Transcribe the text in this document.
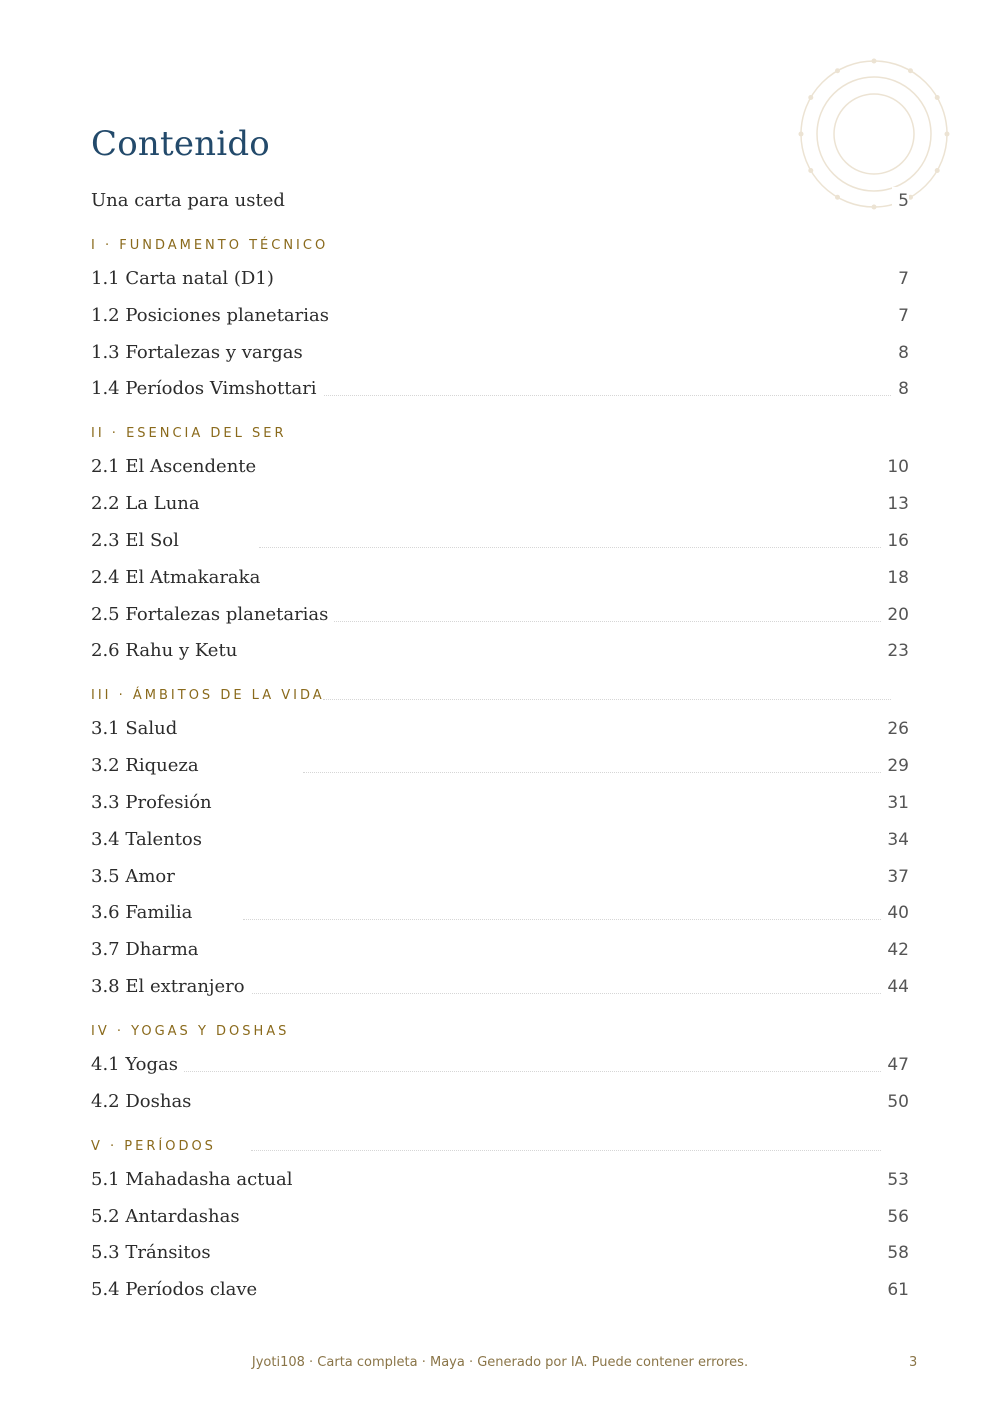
Contenido
Una carta para usted	5
I · FUNDAMENTO TÉCNICO
1.1 Carta natal (D1)	7
1.2 Posiciones planetarias	7
1.3 Fortalezas y vargas	8
1.4 Períodos Vimshottari	8
II · ESENCIA DEL SER
2.1 El Ascendente	10
2.2 La Luna	13
2.3 El Sol	16
2.4 El Atmakaraka	18
2.5 Fortalezas planetarias	20
2.6 Rahu y Ketu	23
III · ÁMBITOS DE LA VIDA
3.1 Salud	26
3.2 Riqueza	29
3.3 Profesión	31
3.4 Talentos	34
3.5 Amor	37
3.6 Familia	40
3.7 Dharma	42
3.8 El extranjero	44
IV · YOGAS Y DOSHAS
4.1 Yogas	47
4.2 Doshas	50
V · PERÍODOS
5.1 Mahadasha actual	53
5.2 Antardashas	56
5.3 Tránsitos	58
5.4 Períodos clave	61
Jyoti108 · Carta completa · Maya · Generado por IA. Puede contener errores.	3
